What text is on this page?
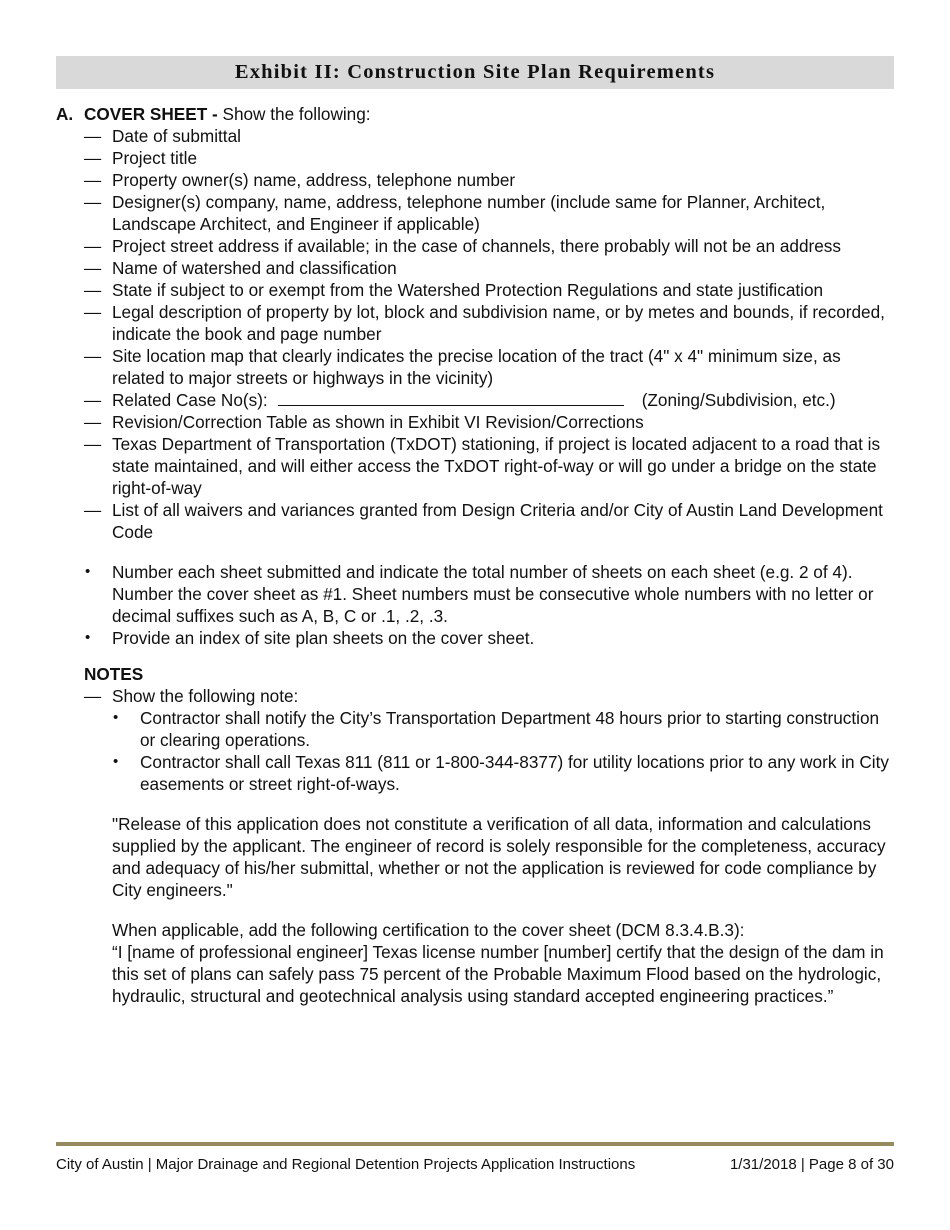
Exhibit II: Construction Site Plan Requirements
A. COVER SHEET - Show the following:
— Date of submittal
— Project title
— Property owner(s) name, address, telephone number
— Designer(s) company, name, address, telephone number (include same for Planner, Architect, Landscape Architect, and Engineer if applicable)
— Project street address if available; in the case of channels, there probably will not be an address
— Name of watershed and classification
— State if subject to or exempt from the Watershed Protection Regulations and state justification
— Legal description of property by lot, block and subdivision name, or by metes and bounds, if recorded, indicate the book and page number
— Site location map that clearly indicates the precise location of the tract (4" x 4" minimum size, as related to major streets or highways in the vicinity)
— Related Case No(s):	(Zoning/Subdivision, etc.)
— Revision/Correction Table as shown in Exhibit VI Revision/Corrections
— Texas Department of Transportation (TxDOT) stationing, if project is located adjacent to a road that is state maintained, and will either access the TxDOT right-of-way or will go under a bridge on the state right-of-way
— List of all waivers and variances granted from Design Criteria and/or City of Austin Land Development Code
• Number each sheet submitted and indicate the total number of sheets on each sheet (e.g. 2 of 4). Number the cover sheet as #1. Sheet numbers must be consecutive whole numbers with no letter or decimal suffixes such as A, B, C or .1, .2, .3.
• Provide an index of site plan sheets on the cover sheet.
NOTES
— Show the following note:
• Contractor shall notify the City’s Transportation Department 48 hours prior to starting construction or clearing operations.
• Contractor shall call Texas 811 (811 or 1-800-344-8377) for utility locations prior to any work in City easements or street right-of-ways.
"Release of this application does not constitute a verification of all data, information and calculations supplied by the applicant. The engineer of record is solely responsible for the completeness, accuracy and adequacy of his/her submittal, whether or not the application is reviewed for code compliance by City engineers."
When applicable, add the following certification to the cover sheet (DCM 8.3.4.B.3):
“I [name of professional engineer] Texas license number [number] certify that the design of the dam in this set of plans can safely pass 75 percent of the Probable Maximum Flood based on the hydrologic, hydraulic, structural and geotechnical analysis using standard accepted engineering practices.”
City of Austin | Major Drainage and Regional Detention Projects Application Instructions	1/31/2018 | Page 8 of 30
